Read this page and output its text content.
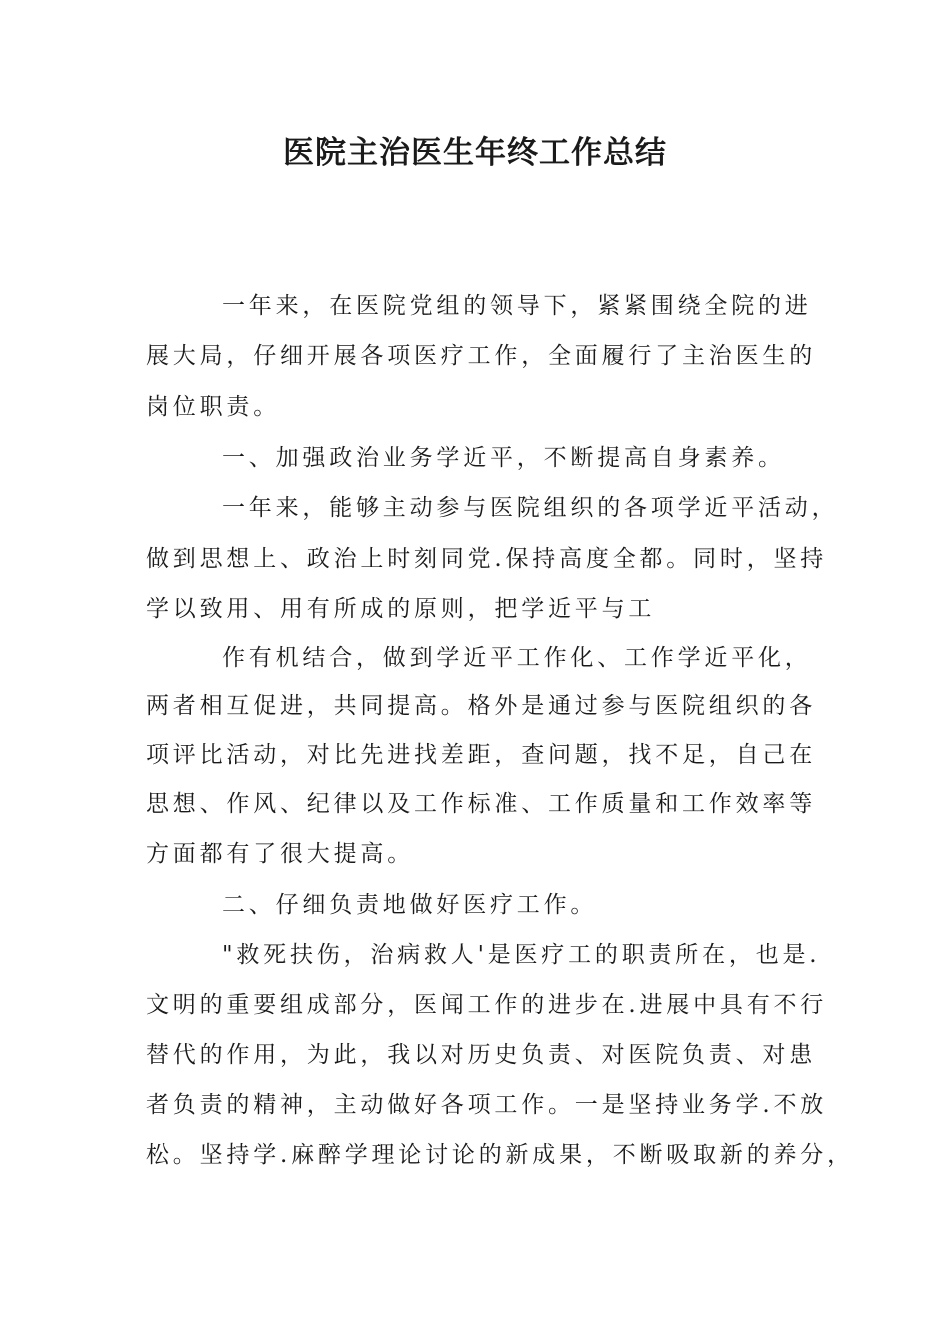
医院主治医生年终工作总结

一年来，在医院党组的领导下，紧紧围绕全院的进

展大局，仔细开展各项医疗工作，全面履行了主治医生的

岗位职责。

一、加强政治业务学近平，不断提高自身素养。

一年来，能够主动参与医院组织的各项学近平活动，

做到思想上、政治上时刻同党.保持高度全都。同时，坚持

学以致用、用有所成的原则，把学近平与工

作有机结合，做到学近平工作化、工作学近平化，

两者相互促进，共同提高。格外是通过参与医院组织的各

项评比活动，对比先进找差距，查问题，找不足，自己在

思想、作风、纪律以及工作标准、工作质量和工作效率等

方面都有了很大提高。

二、仔细负责地做好医疗工作。

"救死扶伤，治病救人'是医疗工的职责所在，也是.

文明的重要组成部分，医闻工作的进步在.进展中具有不行

替代的作用，为此，我以对历史负责、对医院负责、对患

者负责的精神，主动做好各项工作。一是坚持业务学.不放

松。坚持学.麻醉学理论讨论的新成果，不断吸取新的养分，
